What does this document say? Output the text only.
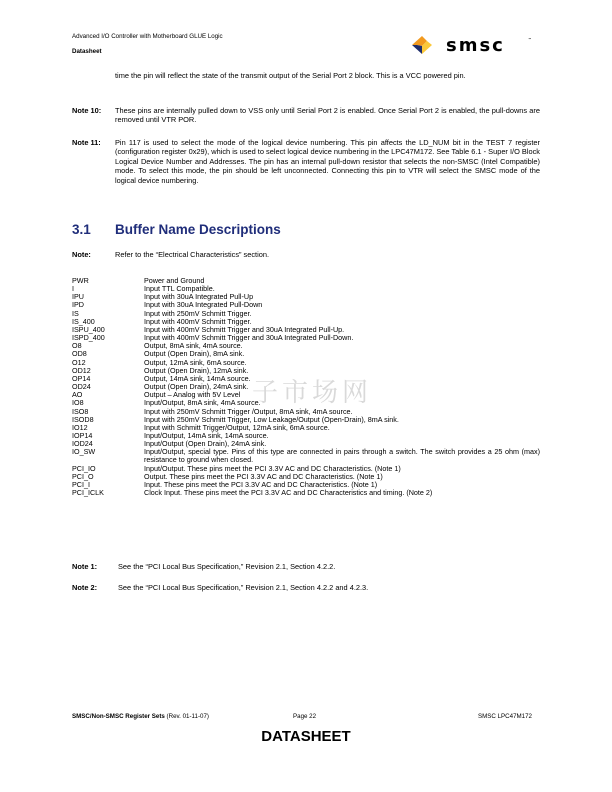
Advanced I/O Controller with Motherboard GLUE Logic
Datasheet	smsc	™
time the pin will reflect the state of the transmit output of the Serial Port 2 block. This is a VCC powered pin.
Note 10: These pins are internally pulled down to VSS only until Serial Port 2 is enabled. Once Serial Port 2 is enabled, the pull-downs are removed until VTR POR.
Note 11: Pin 117 is used to select the mode of the logical device numbering. This pin affects the LD_NUM bit in the TEST 7 register (configuration register 0x29), which is used to select logical device numbering in the LPC47M172. See Table 6.1 - Super I/O Block Logical Device Number and Addresses. The pin has an internal pull-down resistor that selects the non-SMSC (Intel Compatible) mode. To select this mode, the pin should be left unconnected. Connecting this pin to VTR will select the SMSC mode of the logical device numbering.
3.1 Buffer Name Descriptions
Note:	Refer to the “Electrical Characteristics” section.
PWR	Power and Ground
I	Input TTL Compatible.
IPU	Input with 30uA Integrated Pull-Up
IPD	Input with 30uA Integrated Pull-Down
IS	Input with 250mV Schmitt Trigger.
IS_400	Input with 400mV Schmitt Trigger.
ISPU_400	Input with 400mV Schmitt Trigger and 30uA Integrated Pull-Up.
ISPD_400	Input with 400mV Schmitt Trigger and 30uA Integrated Pull-Down.
O8	Output, 8mA sink, 4mA source.
OD8	Output (Open Drain), 8mA sink.
O12	Output, 12mA sink, 6mA source.
OD12	Output (Open Drain), 12mA sink.
OP14	Output, 14mA sink, 14mA source.
OD24	Output (Open Drain), 24mA sink.
AO	Output – Analog with 5V Level
IO8	Input/Output, 8mA sink, 4mA source.
ISO8	Input with 250mV Schmitt Trigger /Output, 8mA sink, 4mA source.
ISOD8	Input with 250mV Schmitt Trigger, Low Leakage/Output (Open-Drain), 8mA sink.
IO12	Input with Schmitt Trigger/Output, 12mA sink, 6mA source.
IOP14	Input/Output, 14mA sink, 14mA source.
IOD24	Input/Output (Open Drain), 24mA sink.
IO_SW	Input/Output, special type. Pins of this type are connected in pairs through a switch. The switch provides a 25 ohm (max) resistance to ground when closed.
PCI_IO	Input/Output. These pins meet the PCI 3.3V AC and DC Characteristics. (Note 1)
PCI_O	Output. These pins meet the PCI 3.3V AC and DC Characteristics. (Note 1)
PCI_I	Input. These pins meet the PCI 3.3V AC and DC Characteristics. (Note 1)
PCI_ICLK	Clock Input. These pins meet the PCI 3.3V AC and DC Characteristics and timing. (Note 2)
子市场网
Note 1:	See the “PCI Local Bus Specification,” Revision 2.1, Section 4.2.2.
Note 2:	See the “PCI Local Bus Specification,” Revision 2.1, Section 4.2.2 and 4.2.3.
SMSC/Non-SMSC Register Sets (Rev. 01-11-07)	Page 22	SMSC LPC47M172
DATASHEET
